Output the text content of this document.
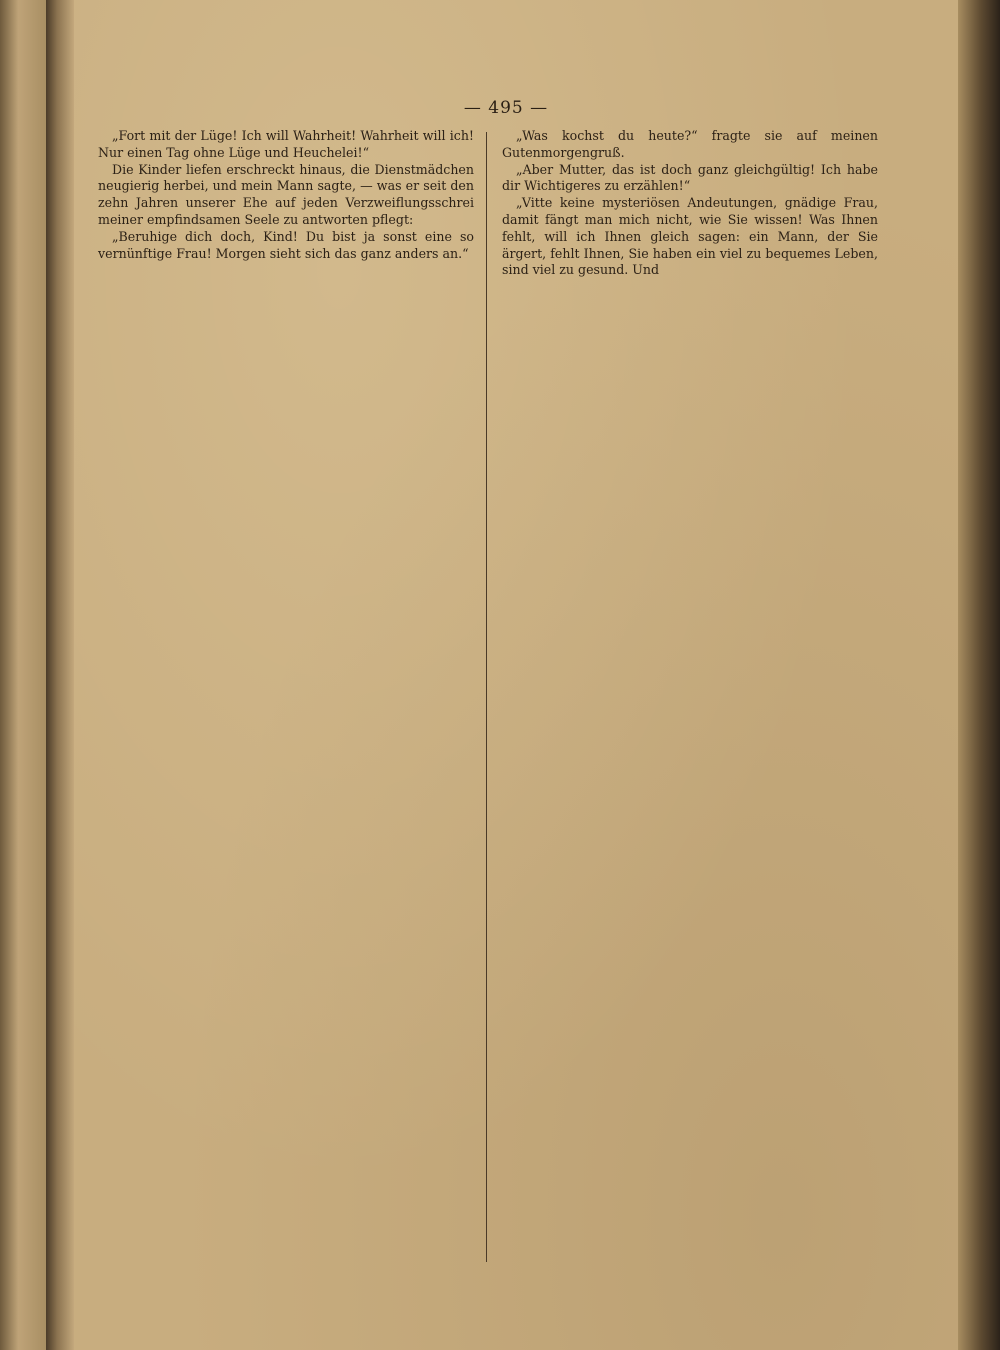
— 495 —

„Fort mit der Lüge! Ich will Wahrheit! Wahrheit will ich! Nur einen Tag ohne Lüge und Heuchelei!“

Die Kinder liefen erschreckt hinaus, die Dienstmädchen neugierig herbei, und mein Mann sagte, — was er seit den zehn Jahren unserer Ehe auf jeden Verzweiflungsschrei meiner empfindsamen Seele zu antworten pflegt:

„Beruhige dich doch, Kind! Du bist ja sonst eine so vernünftige Frau! Morgen sieht sich das ganz anders an.“

„Was kochst du heute?“ fragte sie auf meinen Gutenmorgengruß.

„Aber Mutter, das ist doch ganz gleichgültig! Ich habe dir Wichtigeres zu erzählen!“

„Vitte keine mysteriösen Andeutungen, gnädige Frau, damit fängt man mich nicht, wie Sie wissen! Was Ihnen fehlt, will ich Ihnen gleich sagen: ein Mann, der Sie ärgert, fehlt Ihnen, Sie haben ein viel zu bequemes Leben, sind viel zu gesund. Und
